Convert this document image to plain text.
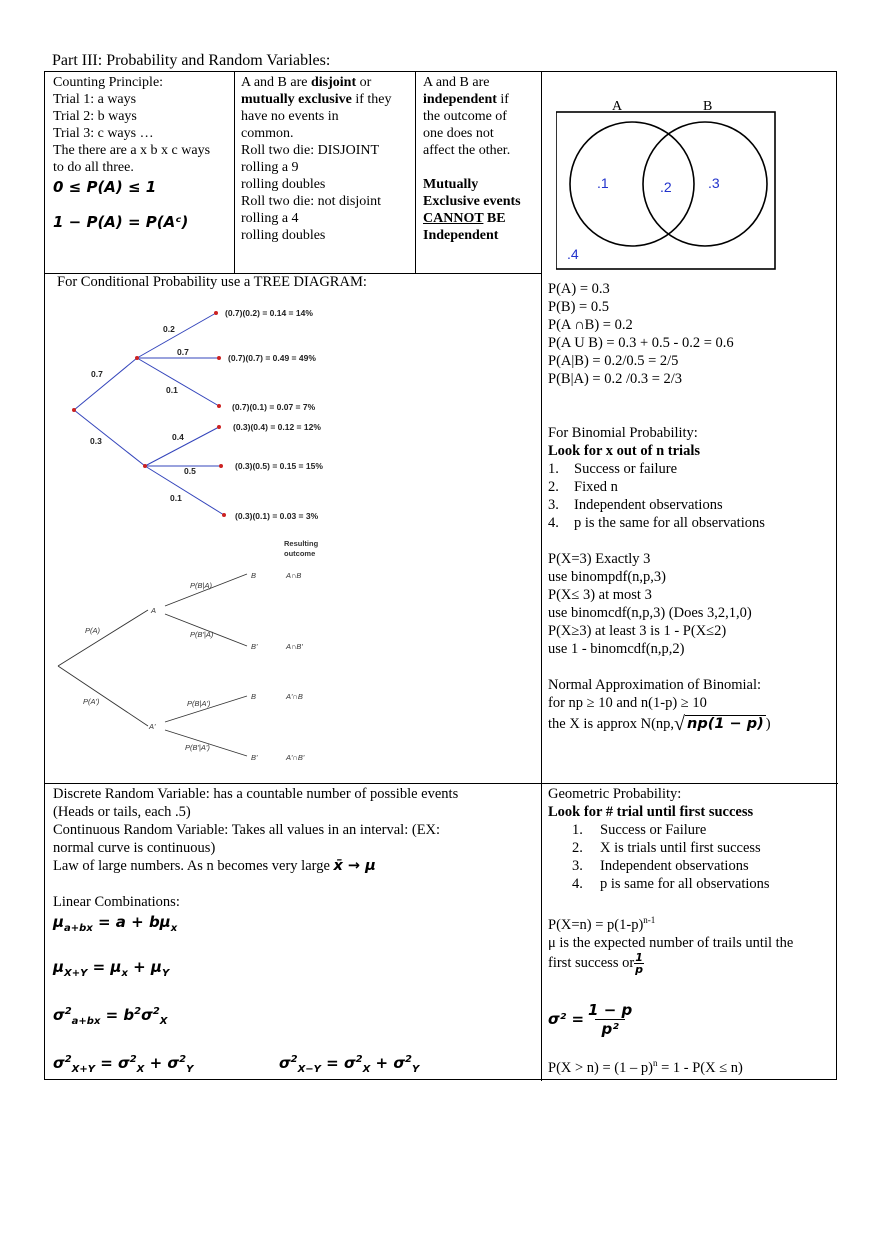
Part III: Probability and Random Variables:
Counting Principle:
Trial 1: a ways
Trial 2: b ways
Trial 3: c ways …
The there are a x b x c ways
to do all three.
0 ≤ P(A) ≤ 1
1 − P(A) = P(Aᶜ)
A and B are disjoint or
mutually exclusive if they
have no events in
common.
Roll two die: DISJOINT
rolling a 9
rolling doubles
Roll two die: not disjoint
rolling a 4
rolling doubles
A and B are
independent if
the outcome of
one does not
affect the other.
Mutually
Exclusive events
CANNOT BE
Independent
A	B
.1	.2	.3
.4
P(A) = 0.3
P(B) = 0.5
P(A ∩B) = 0.2
P(A U B) = 0.3 + 0.5 - 0.2 = 0.6
P(A|B) = 0.2/0.5 = 2/5
P(B|A) = 0.2 /0.3 = 2/3
For Binomial Probability:
Look for x out of n trials
1. Success or failure
2. Fixed n
3. Independent observations
4. p is the same for all observations
P(X=3) Exactly 3
use binompdf(n,p,3)
P(X≤ 3) at most 3
use binomcdf(n,p,3) (Does 3,2,1,0)
P(X≥3) at least 3 is 1 - P(X≤2)
use 1 - binomcdf(n,p,2)
Normal Approximation of Binomial:
for np ≥ 10 and n(1-p) ≥ 10
the X is approx N(np,√ np(1 − p) )
For Conditional Probability use a TREE DIAGRAM:
0.7
0.3
0.2
0.7
0.1
0.4
0.5
0.1
(0.7)(0.2) = 0.14 = 14%
(0.7)(0.7) = 0.49 = 49%
(0.7)(0.1) = 0.07 = 7%
(0.3)(0.4) = 0.12 = 12%
(0.3)(0.5) = 0.15 = 15%
(0.3)(0.1) = 0.03 = 3%
Resulting
outcome
P(A)
P(A')
A
A'
P(B|A)
P(B'|A)
P(B|A')
P(B'|A')
B
B'
B
B'
A∩B
A∩B'
A'∩B
A'∩B'
Discrete Random Variable: has a countable number of possible events
(Heads or tails, each .5)
Continuous Random Variable: Takes all values in an interval: (EX:
normal curve is continuous)
Law of large numbers. As n becomes very large x̄ → μ
Linear Combinations:
$\mu_{a+bx} = a + b\mu_x$
$\mu_{X+Y} = \mu_x + \mu_Y$
$\sigma^2_{a+bx} = b^2\sigma^2_X$
$\sigma^2_{X+Y} = \sigma^2_X + \sigma^2_Y$	$\sigma^2_{X-Y} = \sigma^2_X + \sigma^2_Y$
Geometric Probability:
Look for # trial until first success
1. Success or Failure
2. X is trials until first success
3. Independent observations
4. p is same for all observations
$P(X=n) = p(1-p)^{n-1}$
μ is the expected number of trails until the
first success or $\frac{1}{p}$
$\sigma^2 = \frac{1 - p}{\text{p²}}$
P(X > n) = (1 – p)$^n$ = 1 - P(X ≤ n)
